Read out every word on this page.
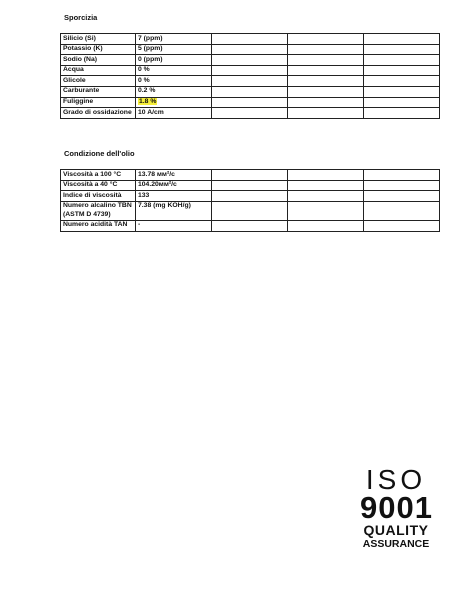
Sporcizia
Silicio (Si)	7 (ppm)			
Potassio (K)	5 (ppm)			
Sodio (Na)	0 (ppm)			
Acqua	0 %			
Glicole	0 %			
Carburante	0.2 %			
Fuliggine	1.8 %			
Grado di ossidazione	10 A/cm			
Condizione dell'olio
Viscosità a 100 °C	13.78 мм²/с			
Viscosità a 40 °C	104.20мм²/с			
Indice di viscosità	133			
Numero alcalino TBN (ASTM D 4739)	7.38 (mg KOH/g)			
Numero acidità TAN	-			
ISO
9001
QUALITY
ASSURANCE
